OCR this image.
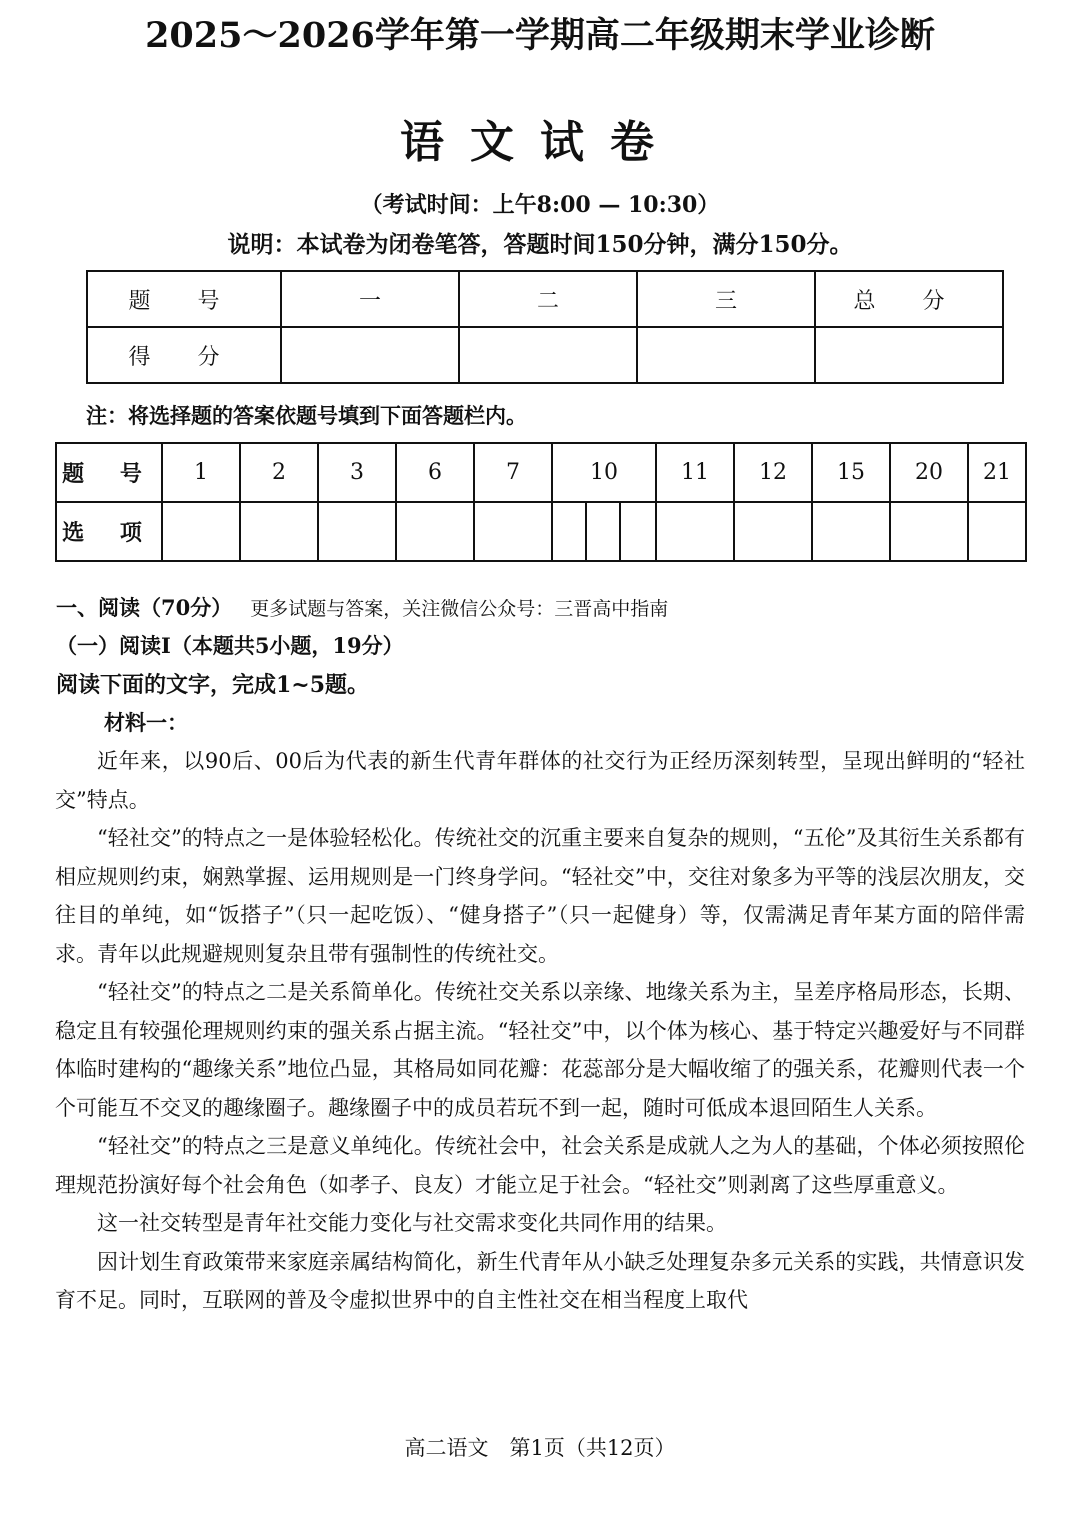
2025～2026学年第一学期高二年级期末学业诊断
语文试卷
（考试时间：上午8:00 — 10:30）
说明：本试卷为闭卷笔答，答题时间150分钟，满分150分。
题 号	一	二	三	总 分
得 分				
注：将选择题的答案依题号填到下面答题栏内。
题 号	1	2	3	6	7	10	11	12	15	20	21
选 项						

一、阅读（70分） 更多试题与答案，关注微信公众号：三晋高中指南
（一）阅读Ⅰ（本题共5小题，19分）
阅读下面的文字，完成1~5题。
材料一：

近年来，以90后、00后为代表的新生代青年群体的社交行为正经历深刻转型，呈现出鲜明的“轻社交”特点。

“轻社交”的特点之一是体验轻松化。传统社交的沉重主要来自复杂的规则，“五伦”及其衍生关系都有相应规则约束，娴熟掌握、运用规则是一门终身学问。“轻社交”中，交往对象多为平等的浅层次朋友，交往目的单纯，如“饭搭子”（只一起吃饭）、“健身搭子”（只一起健身）等，仅需满足青年某方面的陪伴需求。青年以此规避规则复杂且带有强制性的传统社交。

“轻社交”的特点之二是关系简单化。传统社交关系以亲缘、地缘关系为主，呈差序格局形态，长期、稳定且有较强伦理规则约束的强关系占据主流。“轻社交”中，以个体为核心、基于特定兴趣爱好与不同群体临时建构的“趣缘关系”地位凸显，其格局如同花瓣：花蕊部分是大幅收缩了的强关系，花瓣则代表一个个可能互不交叉的趣缘圈子。趣缘圈子中的成员若玩不到一起，随时可低成本退回陌生人关系。

“轻社交”的特点之三是意义单纯化。传统社会中，社会关系是成就人之为人的基础，个体必须按照伦理规范扮演好每个社会角色（如孝子、良友）才能立足于社会。“轻社交”则剥离了这些厚重意义。

这一社交转型是青年社交能力变化与社交需求变化共同作用的结果。

因计划生育政策带来家庭亲属结构简化，新生代青年从小缺乏处理复杂多元关系的实践，共情意识发育不足。同时，互联网的普及令虚拟世界中的自主性社交在相当程度上取代

高二语文　第1页（共12页）
